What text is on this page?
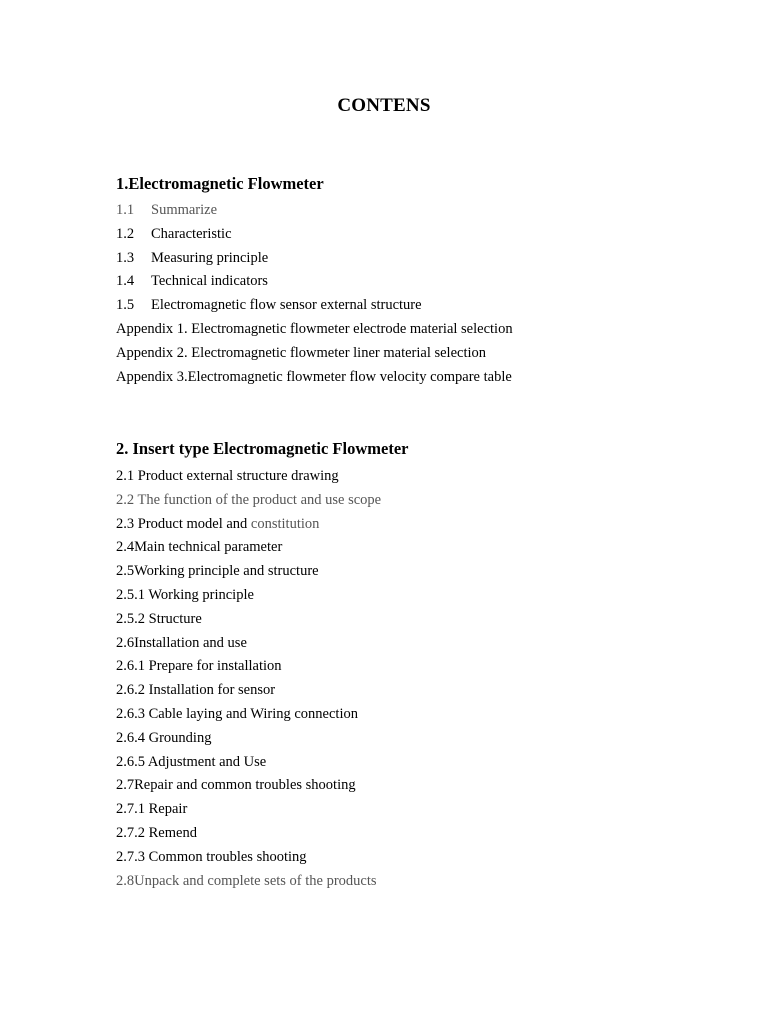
CONTENS
1.Electromagnetic Flowmeter
1.1 Summarize
1.2 Characteristic
1.3 Measuring principle
1.4 Technical indicators
1.5 Electromagnetic flow sensor external structure
Appendix 1. Electromagnetic flowmeter electrode material selection
Appendix 2. Electromagnetic flowmeter liner material selection
Appendix 3.Electromagnetic flowmeter flow velocity compare table
2. Insert type Electromagnetic Flowmeter
2.1 Product external structure drawing
2.2 The function of the product and use scope
2.3 Product model and constitution
2.4Main technical parameter
2.5Working principle and structure
2.5.1 Working principle
2.5.2 Structure
2.6Installation and use
2.6.1 Prepare for installation
2.6.2 Installation for sensor
2.6.3 Cable laying and Wiring connection
2.6.4 Grounding
2.6.5 Adjustment and Use
2.7Repair and common troubles shooting
2.7.1 Repair
2.7.2 Remend
2.7.3 Common troubles shooting
2.8Unpack and complete sets of the products
